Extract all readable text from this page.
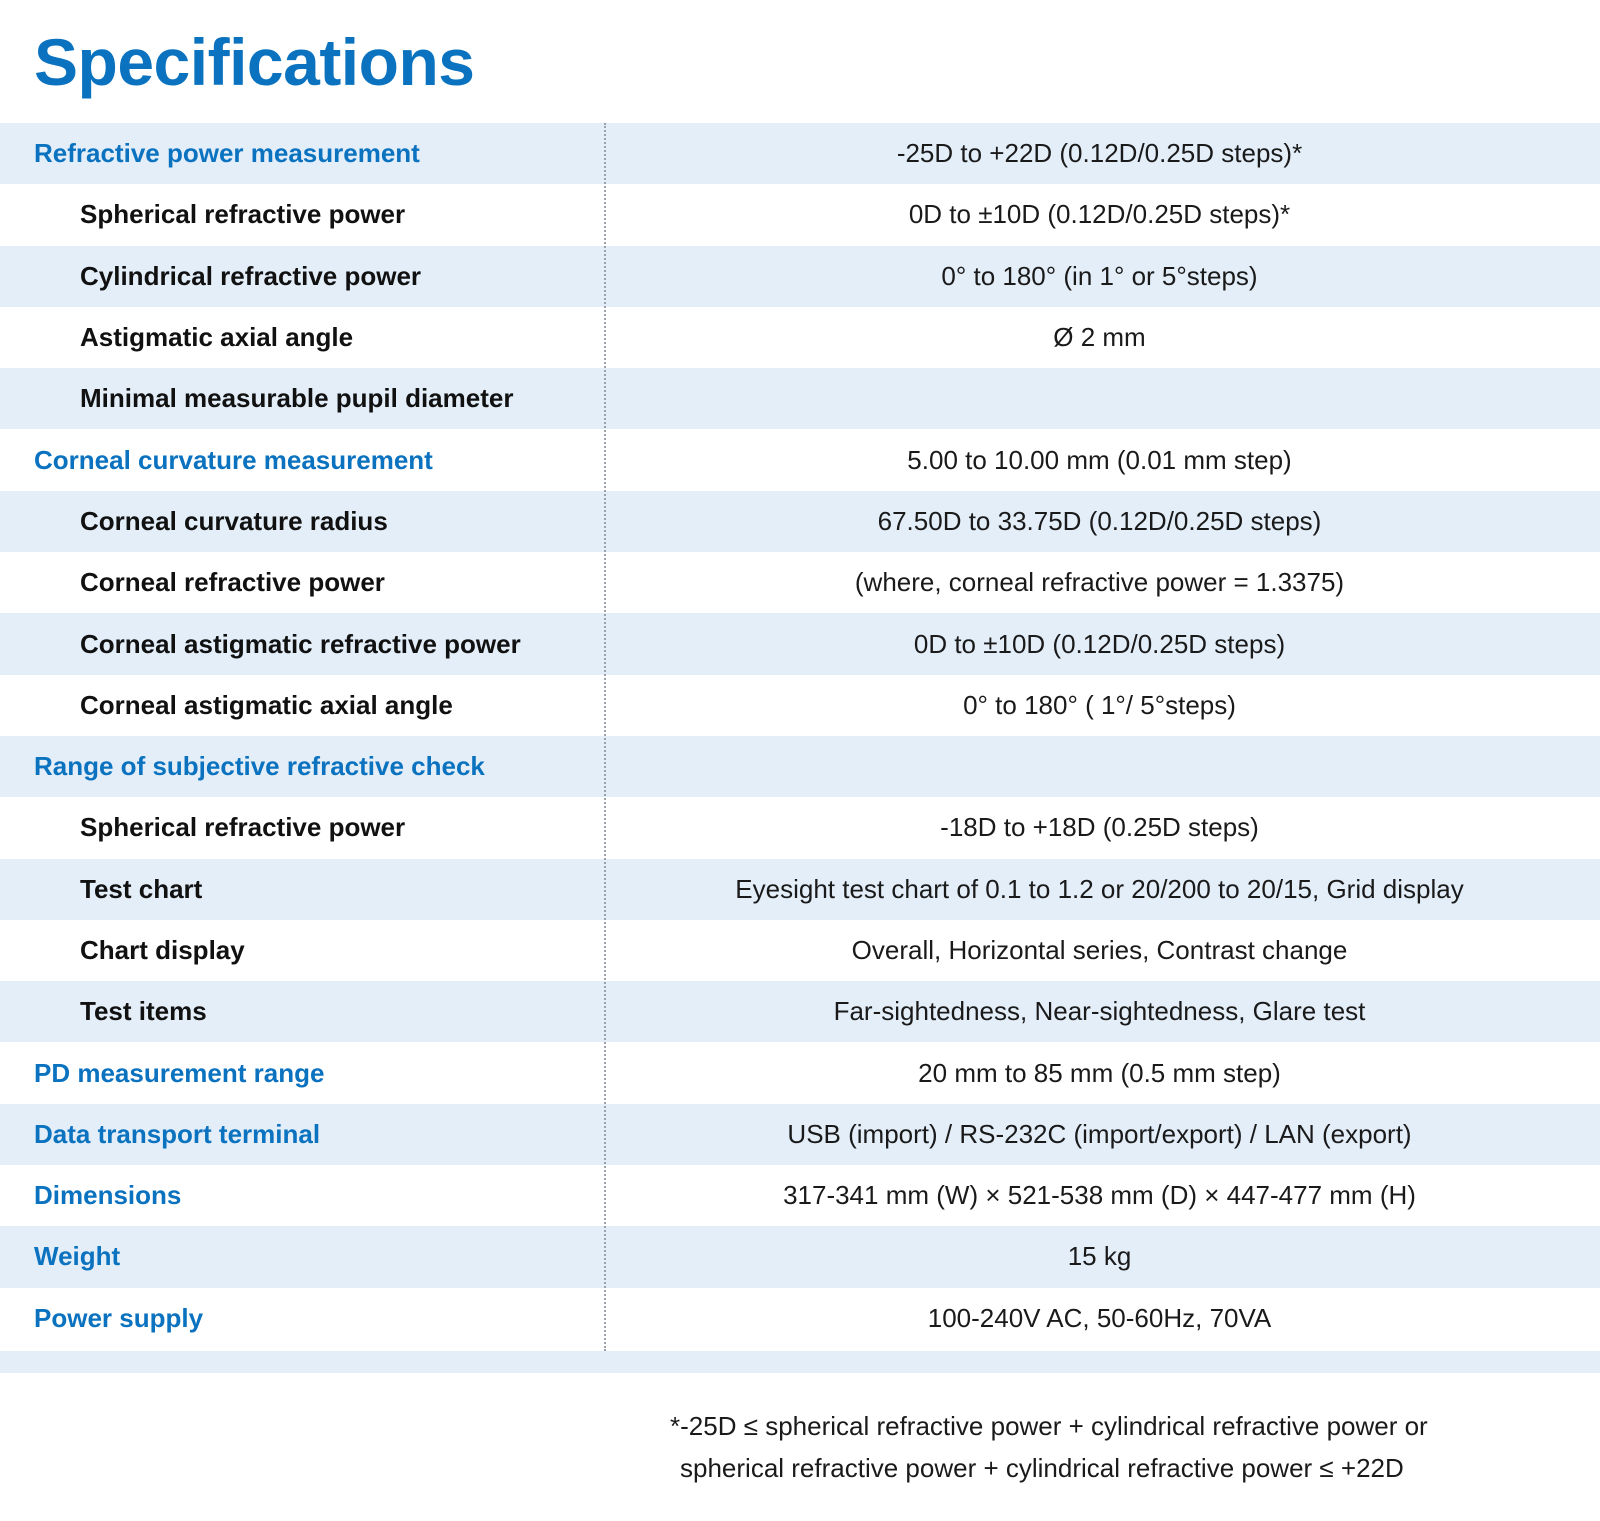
Specifications
Refractive power measurement	-25D to +22D (0.12D/0.25D steps)*
Spherical refractive power	0D to ±10D (0.12D/0.25D steps)*
Cylindrical refractive power	0° to 180° (in 1° or 5°steps)
Astigmatic axial angle	Ø 2 mm
Minimal measurable pupil diameter
Corneal curvature measurement	5.00 to 10.00 mm (0.01 mm step)
Corneal curvature radius	67.50D to 33.75D (0.12D/0.25D steps)
Corneal refractive power	(where, corneal refractive power = 1.3375)
Corneal astigmatic refractive power	0D to ±10D (0.12D/0.25D steps)
Corneal astigmatic axial angle	0° to 180° ( 1°/ 5°steps)
Range of subjective refractive check
Spherical refractive power	-18D to +18D (0.25D steps)
Test chart	Eyesight test chart of 0.1 to 1.2 or 20/200 to 20/15, Grid display
Chart display	Overall, Horizontal series, Contrast change
Test items	Far-sightedness, Near-sightedness, Glare test
PD measurement range	20 mm to 85 mm (0.5 mm step)
Data transport terminal	USB (import) / RS-232C (import/export) / LAN (export)
Dimensions	317-341 mm (W) × 521-538 mm (D) × 447-477 mm (H)
Weight	15 kg
Power supply	100-240V AC, 50-60Hz, 70VA
*-25D ≤ spherical refractive power + cylindrical refractive power or
spherical refractive power + cylindrical refractive power ≤ +22D
